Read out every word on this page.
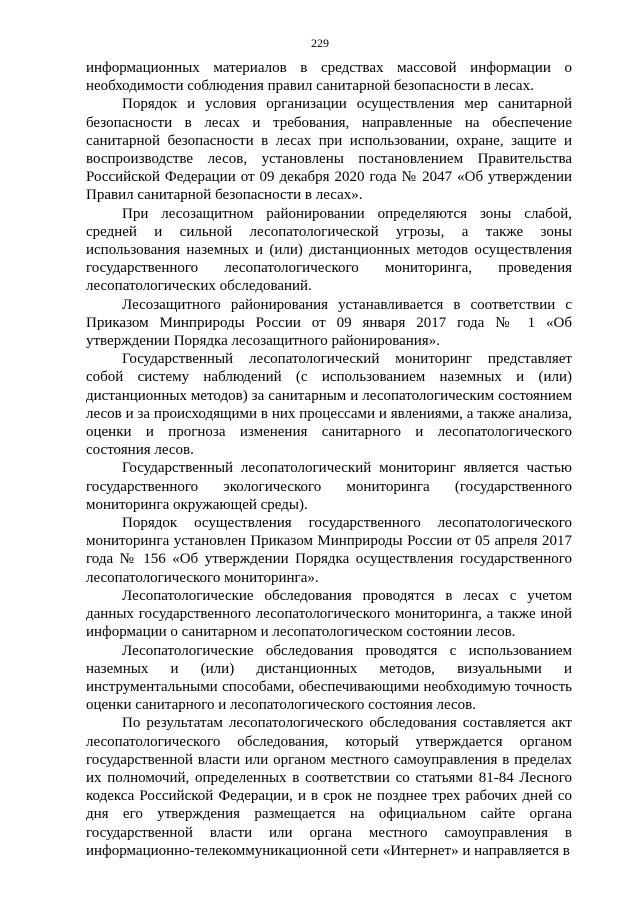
229

информационных материалов в средствах массовой информации о необходимости соблюдения правил санитарной безопасности в лесах.

Порядок и условия организации осуществления мер санитарной безопасности в лесах и требования, направленные на обеспечение санитарной безопасности в лесах при использовании, охране, защите и воспроизводстве лесов, установлены постановлением Правительства Российской Федерации от 09 декабря 2020 года № 2047 «Об утверждении Правил санитарной безопасности в лесах».

При лесозащитном районировании определяются зоны слабой, средней и сильной лесопатологической угрозы, а также зоны использования наземных и (или) дистанционных методов осуществления государственного лесопатологического мониторинга, проведения лесопатологических обследований.

Лесозащитного районирования устанавливается в соответствии с Приказом Минприроды России от 09 января 2017 года № 1 «Об утверждении Порядка лесозащитного районирования».

Государственный лесопатологический мониторинг представляет собой систему наблюдений (с использованием наземных и (или) дистанционных методов) за санитарным и лесопатологическим состоянием лесов и за происходящими в них процессами и явлениями, а также анализа, оценки и прогноза изменения санитарного и лесопатологического состояния лесов.

Государственный лесопатологический мониторинг является частью государственного экологического мониторинга (государственного мониторинга окружающей среды).

Порядок осуществления государственного лесопатологического мониторинга установлен Приказом Минприроды России от 05 апреля 2017 года № 156 «Об утверждении Порядка осуществления государственного лесопатологического мониторинга».

Лесопатологические обследования проводятся в лесах с учетом данных государственного лесопатологического мониторинга, а также иной информации о санитарном и лесопатологическом состоянии лесов.

Лесопатологические обследования проводятся с использованием наземных и (или) дистанционных методов, визуальными и инструментальными способами, обеспечивающими необходимую точность оценки санитарного и лесопатологического состояния лесов.

По результатам лесопатологического обследования составляется акт лесопатологического обследования, который утверждается органом государственной власти или органом местного самоуправления в пределах их полномочий, определенных в соответствии со статьями 81-84 Лесного кодекса Российской Федерации, и в срок не позднее трех рабочих дней со дня его утверждения размещается на официальном сайте органа государственной власти или органа местного самоуправления в информационно-телекоммуникационной сети «Интернет» и направляется в
